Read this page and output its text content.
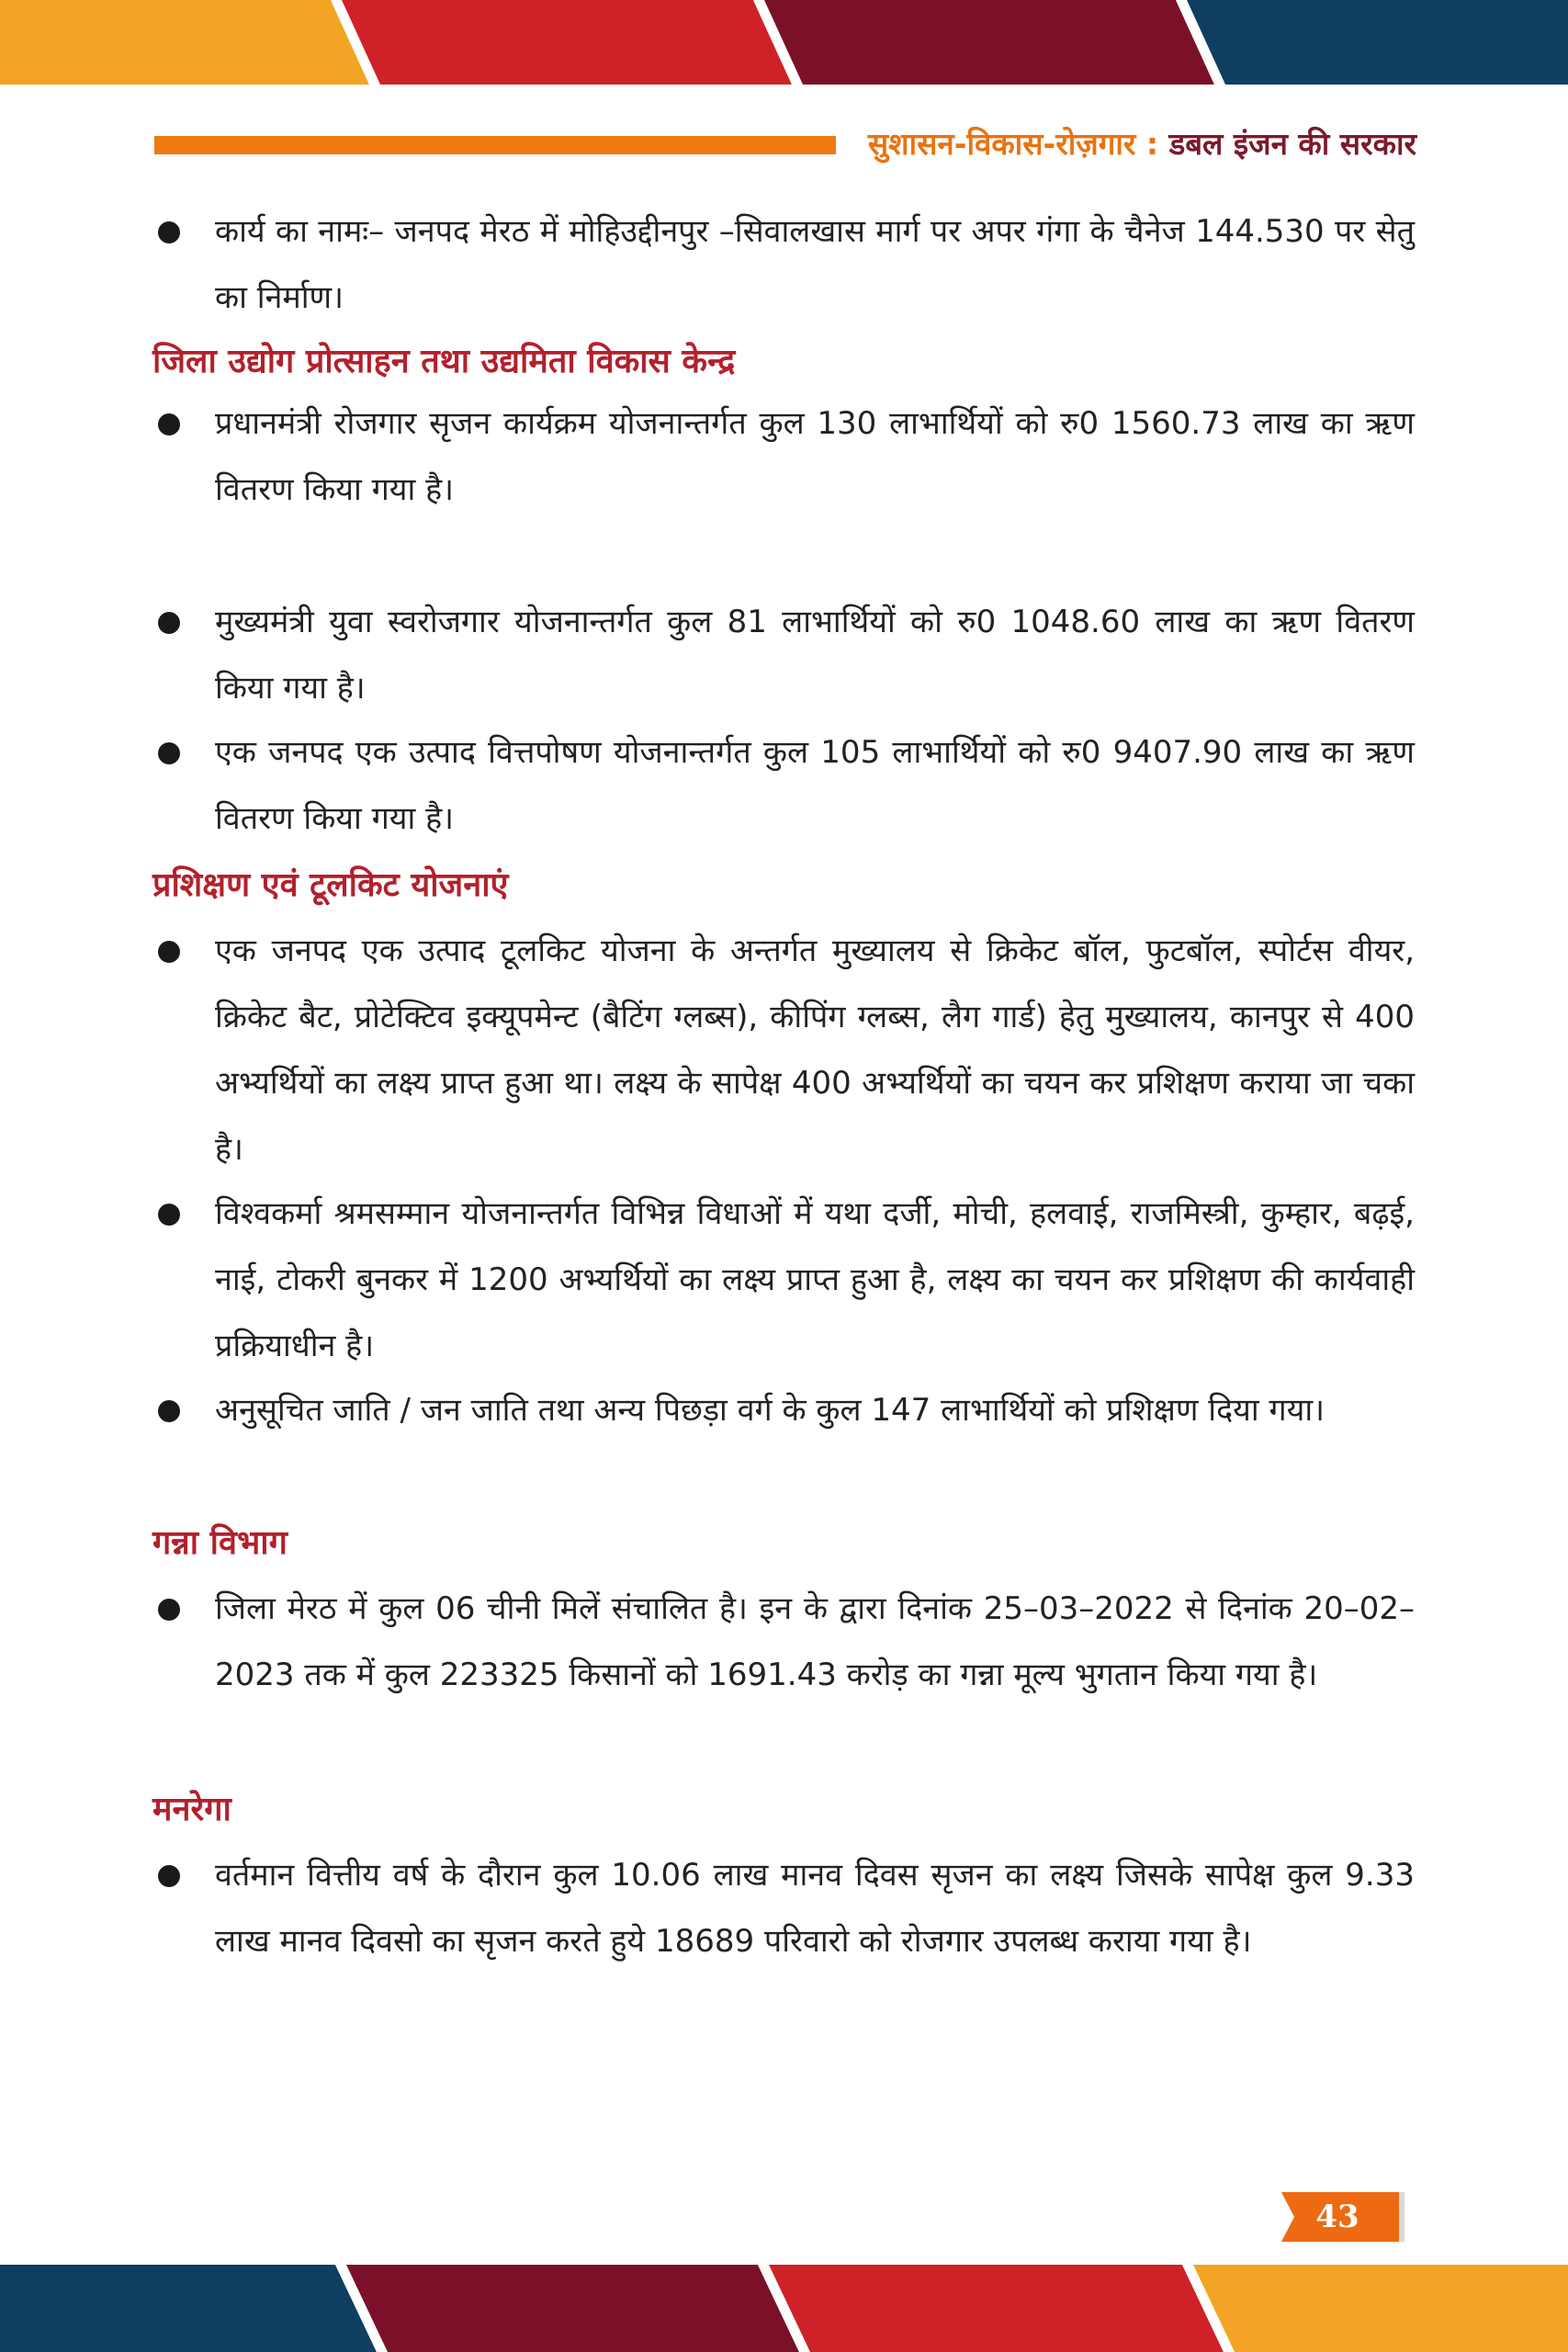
सुशासन-विकास-रोज़गार : डबल इंजन की सरकार
कार्य का नामः– जनपद मेरठ में मोहिउद्दीनपुर –सिवालखास मार्ग पर अपर गंगा के चैनेज 144.530 पर सेतु का निर्माण।
जिला उद्योग प्रोत्साहन तथा उद्यमिता विकास केन्द्र
प्रधानमंत्री रोजगार सृजन कार्यक्रम योजनान्तर्गत कुल 130 लाभार्थियों को रु0 1560.73 लाख का ऋण वितरण किया गया है।
मुख्यमंत्री युवा स्वरोजगार योजनान्तर्गत कुल 81 लाभार्थियों को रु0 1048.60 लाख का ऋण वितरण किया गया है।
एक जनपद एक उत्पाद वित्तपोषण योजनान्तर्गत कुल 105 लाभार्थियों को रु0 9407.90 लाख का ऋण वितरण किया गया है।
प्रशिक्षण एवं टूलकिट योजनाएं
एक जनपद एक उत्पाद टूलकिट योजना के अन्तर्गत मुख्यालय से क्रिकेट बॉल, फुटबॉल, स्पोर्टस वीयर, क्रिकेट बैट, प्रोटेक्टिव इक्यूपमेन्ट (बैटिंग ग्लब्स), कीपिंग ग्लब्स, लैग गार्ड) हेतु मुख्यालय, कानपुर से 400 अभ्यर्थियों का लक्ष्य प्राप्त हुआ था। लक्ष्य के सापेक्ष 400 अभ्यर्थियों का चयन कर प्रशिक्षण कराया जा चका है।
विश्वकर्मा श्रमसम्मान योजनान्तर्गत विभिन्न विधाओं में यथा दर्जी, मोची, हलवाई, राजमिस्त्री, कुम्हार, बढ़ई, नाई, टोकरी बुनकर में 1200 अभ्यर्थियों का लक्ष्य प्राप्त हुआ है, लक्ष्य का चयन कर प्रशिक्षण की कार्यवाही प्रक्रियाधीन है।
अनुसूचित जाति / जन जाति तथा अन्य पिछड़ा वर्ग के कुल 147 लाभार्थियों को प्रशिक्षण दिया गया।
गन्ना विभाग
जिला मेरठ में कुल 06 चीनी मिलें संचालित है। इन के द्वारा दिनांक 25–03–2022 से दिनांक 20–02–2023 तक में कुल 223325 किसानों को 1691.43 करोड़ का गन्ना मूल्य भुगतान किया गया है।
मनरेगा
वर्तमान वित्तीय वर्ष के दौरान कुल 10.06 लाख मानव दिवस सृजन का लक्ष्य जिसके सापेक्ष कुल 9.33 लाख मानव दिवसो का सृजन करते हुये 18689 परिवारो को रोजगार उपलब्ध कराया गया है।
43
